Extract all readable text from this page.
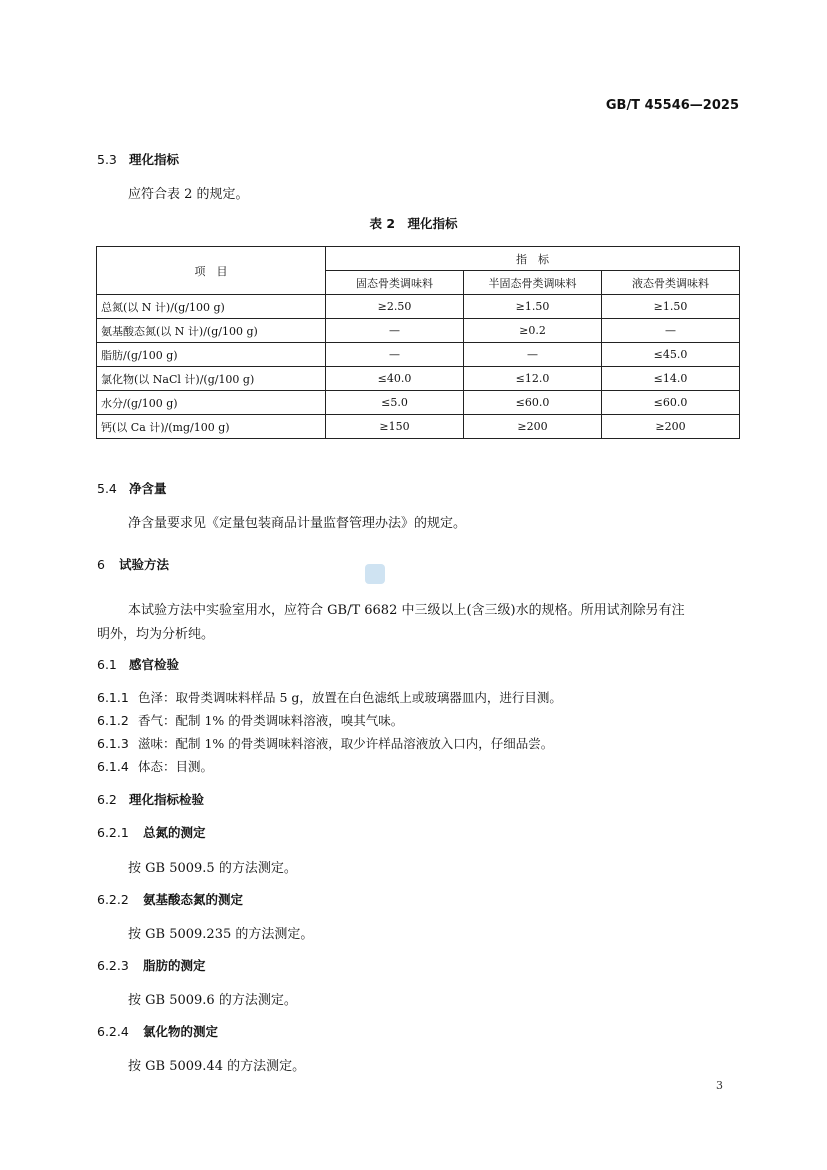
GB/T 45546—2025
5.3 理化指标
应符合表 2 的规定。
表 2　理化指标
项　目	指　标		
	固态骨类调味料	半固态骨类调味料	液态骨类调味料
总氮(以 N 计)/(g/100 g)	≥2.50	≥1.50	≥1.50
氨基酸态氮(以 N 计)/(g/100 g)	—	≥0.2	—
脂肪/(g/100 g)	—	—	≤45.0
氯化物(以 NaCl 计)/(g/100 g)	≤40.0	≤12.0	≤14.0
水分/(g/100 g)	≤5.0	≤60.0	≤60.0
钙(以 Ca 计)/(mg/100 g)	≥150	≥200	≥200
5.4 净含量
净含量要求见《定量包装商品计量监督管理办法》的规定。
6 试验方法
本试验方法中实验室用水，应符合 GB/T 6682 中三级以上(含三级)水的规格。所用试剂除另有注
明外，均为分析纯。
6.1 感官检验
6.1.1 色泽：取骨类调味料样品 5 g，放置在白色滤纸上或玻璃器皿内，进行目测。
6.1.2 香气：配制 1% 的骨类调味料溶液，嗅其气味。
6.1.3 滋味：配制 1% 的骨类调味料溶液，取少许样品溶液放入口内，仔细品尝。
6.1.4 体态：目测。
6.2 理化指标检验
6.2.1 总氮的测定
按 GB 5009.5 的方法测定。
6.2.2 氨基酸态氮的测定
按 GB 5009.235 的方法测定。
6.2.3 脂肪的测定
按 GB 5009.6 的方法测定。
6.2.4 氯化物的测定
按 GB 5009.44 的方法测定。
3
